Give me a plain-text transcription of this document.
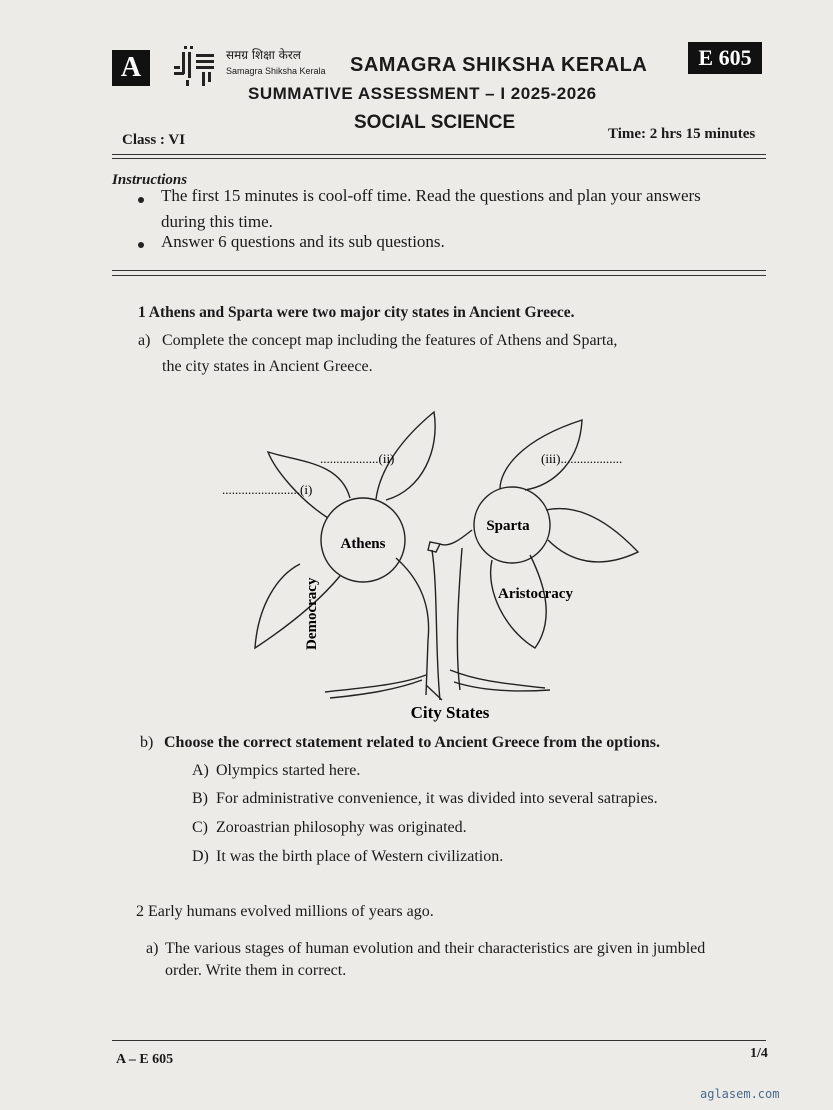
A	समग्र शिक्षा केरल
Samagra Shiksha Kerala SAMAGRA SHIKSHA KERALA
SUMMATIVE ASSESSMENT – I 2025-2026
SOCIAL SCIENCE
E 605
Class : VI	Time: 2 hrs 15 minutes
Instructions
The first 15 minutes is cool-off time. Read the questions and plan your answers
during this time.
Answer 6 questions and its sub questions.
1 Athens and Sparta were two major city states in Ancient Greece.
a) Complete the concept map including the features of Athens and Sparta,
the city states in Ancient Greece.
Athens
Sparta
Aristocracy
Democracy
........................(i)
..................(ii)	(iii)...................
City States
b) Choose the correct statement related to Ancient Greece from the options.
A) Olympics started here.
B) For administrative convenience, it was divided into several satrapies.
C) Zoroastrian philosophy was originated.
D) It was the birth place of Western civilization.
2 Early humans evolved millions of years ago.
a) The various stages of human evolution and their characteristics are given in jumbled
order. Write them in correct.
A – E 605	1/4
aglasem.com
